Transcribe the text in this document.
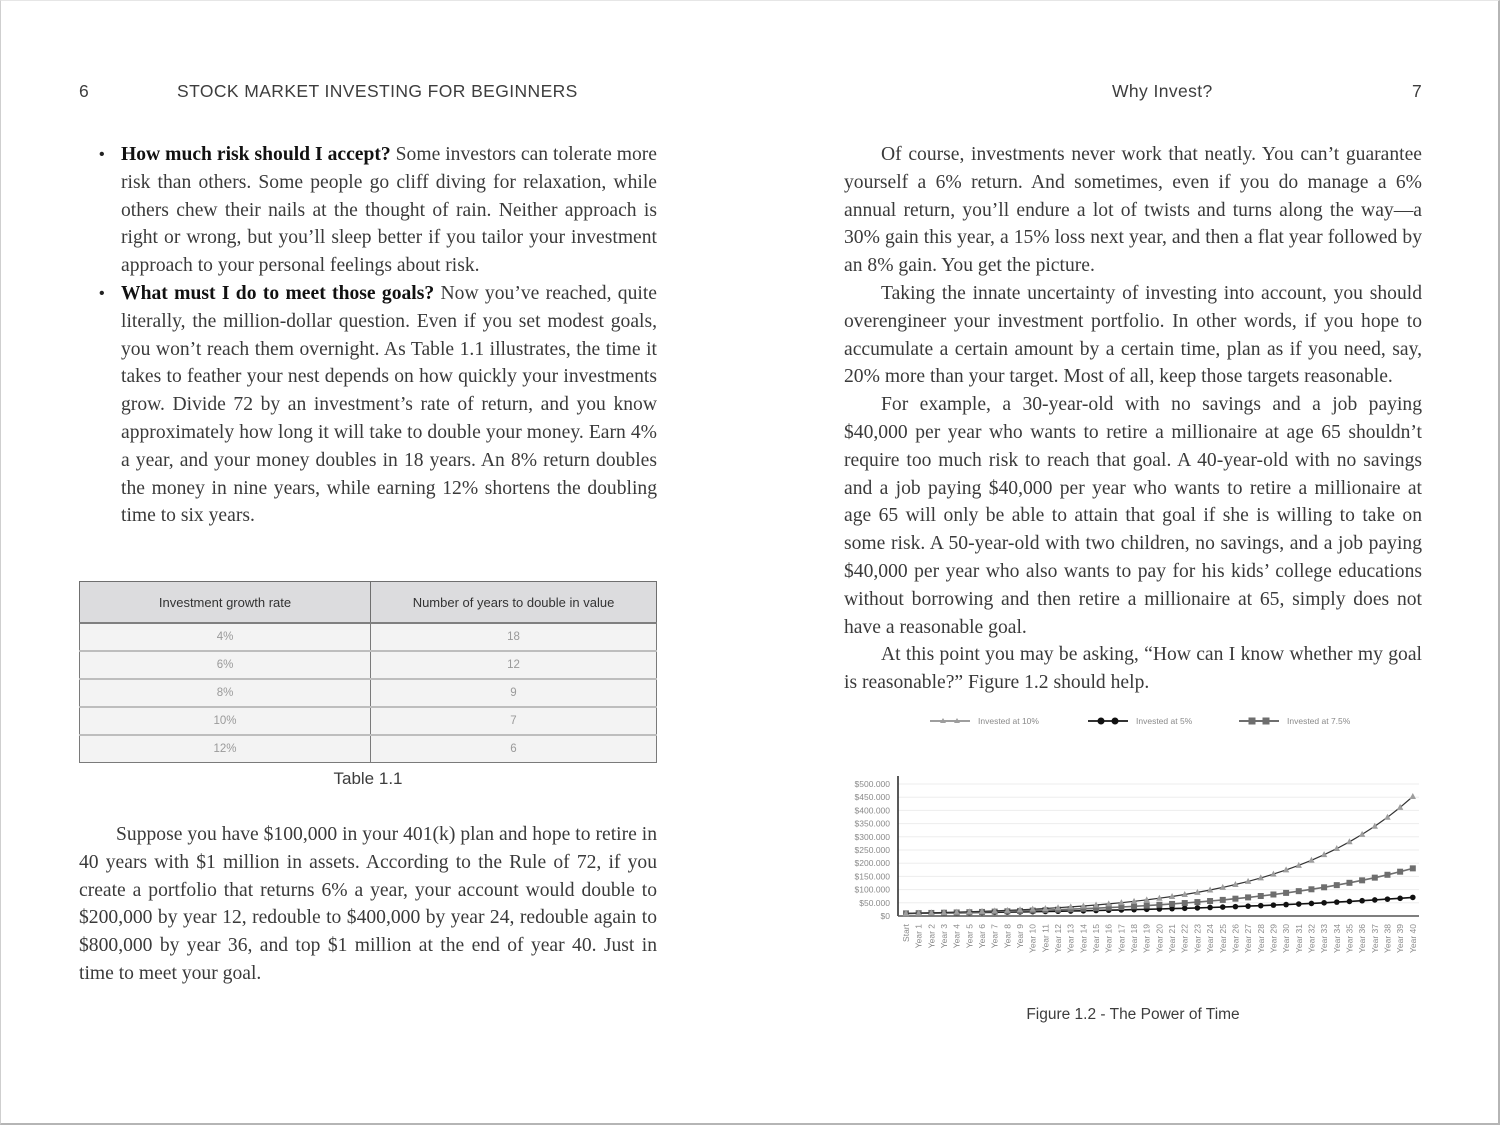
6	STOCK MARKET INVESTING FOR BEGINNERS
• How much risk should I accept? Some investors can tolerate more risk than others. Some people go cliff diving for relaxation, while others chew their nails at the thought of rain. Neither approach is right or wrong, but you’ll sleep better if you tailor your investment approach to your personal feelings about risk.
• What must I do to meet those goals? Now you’ve reached, quite literally, the million-dollar question. Even if you set modest goals, you won’t reach them overnight. As Table 1.1 illustrates, the time it takes to feather your nest depends on how quickly your investments grow. Divide 72 by an investment’s rate of return, and you know approximately how long it will take to double your money. Earn 4% a year, and your money doubles in 18 years. An 8% return doubles the money in nine years, while earning 12% shortens the doubling time to six years.
Investment growth rate	Number of years to double in value
4%	18
6%	12
8%	9
10%	7
12%	6
Table 1.1

Suppose you have $100,000 in your 401(k) plan and hope to retire in 40 years with $1 million in assets. According to the Rule of 72, if you create a portfolio that returns 6% a year, your account would double to $200,000 by year 12, redouble to $400,000 by year 24, redouble again to $800,000 by year 36, and top $1 million at the end of year 40. Just in time to meet your goal.

Why Invest?	7

Of course, investments never work that neatly. You can’t guarantee yourself a 6% return. And sometimes, even if you do manage a 6% annual return, you’ll endure a lot of twists and turns along the way—a 30% gain this year, a 15% loss next year, and then a flat year followed by an 8% gain. You get the picture.

Taking the innate uncertainty of investing into account, you should overengineer your investment portfolio. In other words, if you hope to accumulate a certain amount by a certain time, plan as if you need, say, 20% more than your target. Most of all, keep those targets reasonable.

For example, a 30-year-old with no savings and a job paying $40,000 per year who wants to retire a millionaire at age 65 shouldn’t require too much risk to reach that goal. A 40-year-old with no savings and a job paying $40,000 per year who wants to retire a millionaire at age 65 will only be able to attain that goal if she is willing to take on some risk. A 50-year-old with two children, no savings, and a job paying $40,000 per year who also wants to pay for his kids’ college educations without borrowing and then retire a millionaire at 65, simply does not have a reasonable goal.

At this point you may be asking, “How can I know whether my goal is reasonable?” Figure 1.2 should help.

Invested at 10%	Invested at 5%	Invested at 7.5%
$0
$50.000
$100.000
$150.000
$200.000
$250.000
$300.000
$350.000
$400.000
$450.000
$500.000
Start Year 1 Year 2 Year 3 Year 4 Year 5 Year 6 Year 7 Year 8 Year 9 Year 10 Year 11 Year 12 Year 13 Year 14 Year 15 Year 16 Year 17 Year 18 Year 19 Year 20 Year 21 Year 22 Year 23 Year 24 Year 25 Year 26 Year 27 Year 28 Year 29 Year 30 Year 31 Year 32 Year 33 Year 34 Year 35 Year 36 Year 37 Year 38 Year 39 Year 40
Figure 1.2 - The Power of Time
